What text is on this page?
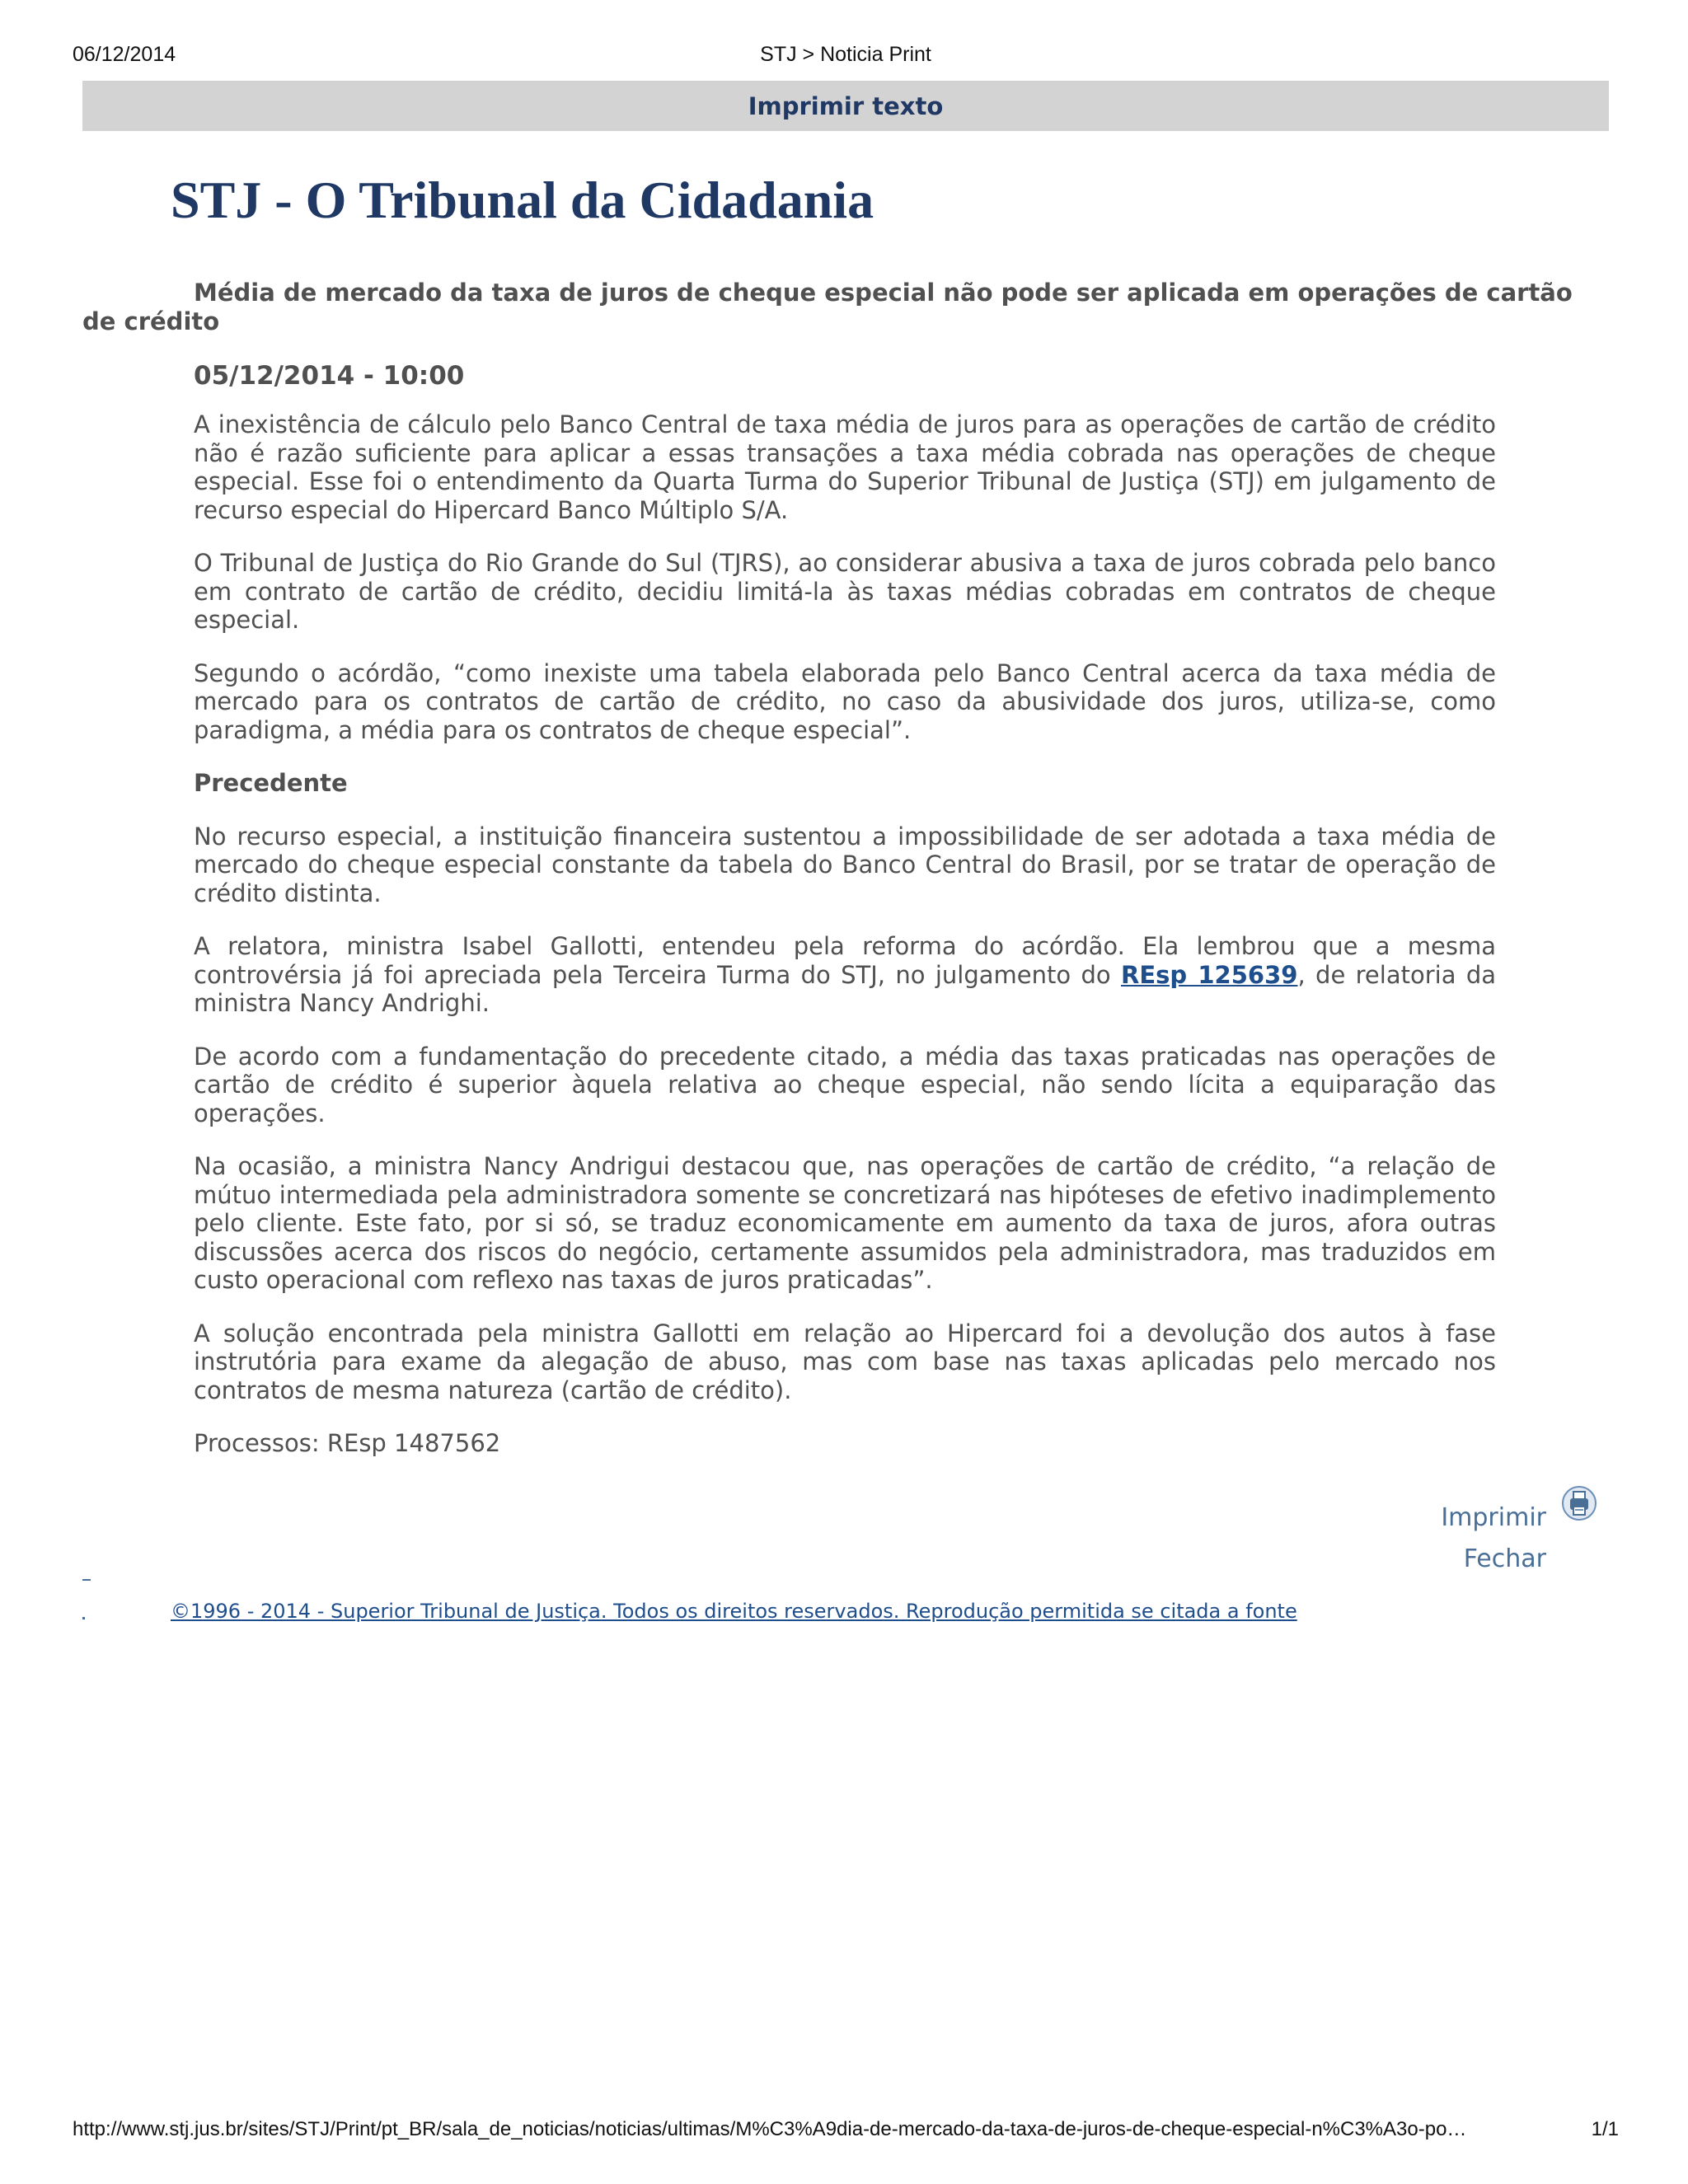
06/12/2014	STJ > Noticia Print
Imprimir texto
STJ - O Tribunal da Cidadania

Média de mercado da taxa de juros de cheque especial não pode ser aplicada em operações de cartão de crédito

05/12/2014 - 10:00

A inexistência de cálculo pelo Banco Central de taxa média de juros para as operações de cartão de crédito não é razão suficiente para aplicar a essas transações a taxa média cobrada nas operações de cheque especial. Esse foi o entendimento da Quarta Turma do Superior Tribunal de Justiça (STJ) em julgamento de recurso especial do Hipercard Banco Múltiplo S/A.

O Tribunal de Justiça do Rio Grande do Sul (TJRS), ao considerar abusiva a taxa de juros cobrada pelo banco em contrato de cartão de crédito, decidiu limitá-la às taxas médias cobradas em contratos de cheque especial.

Segundo o acórdão, “como inexiste uma tabela elaborada pelo Banco Central acerca da taxa média de mercado para os contratos de cartão de crédito, no caso da abusividade dos juros, utiliza-se, como paradigma, a média para os contratos de cheque especial”.

Precedente

No recurso especial, a instituição financeira sustentou a impossibilidade de ser adotada a taxa média de mercado do cheque especial constante da tabela do Banco Central do Brasil, por se tratar de operação de crédito distinta.

A relatora, ministra Isabel Gallotti, entendeu pela reforma do acórdão. Ela lembrou que a mesma controvérsia já foi apreciada pela Terceira Turma do STJ, no julgamento do REsp 125639, de relatoria da ministra Nancy Andrighi.

De acordo com a fundamentação do precedente citado, a média das taxas praticadas nas operações de cartão de crédito é superior àquela relativa ao cheque especial, não sendo lícita a equiparação das operações.

Na ocasião, a ministra Nancy Andrigui destacou que, nas operações de cartão de crédito, “a relação de mútuo intermediada pela administradora somente se concretizará nas hipóteses de efetivo inadimplemento pelo cliente. Este fato, por si só, se traduz economicamente em aumento da taxa de juros, afora outras discussões acerca dos riscos do negócio, certamente assumidos pela administradora, mas traduzidos em custo operacional com reflexo nas taxas de juros praticadas”.

A solução encontrada pela ministra Gallotti em relação ao Hipercard foi a devolução dos autos à fase instrutória para exame da alegação de abuso, mas com base nas taxas aplicadas pelo mercado nos contratos de mesma natureza (cartão de crédito).

Processos: REsp 1487562

Imprimir
Fechar
©1996 - 2014 - Superior Tribunal de Justiça. Todos os direitos reservados. Reprodução permitida se citada a fonte
http://www.stj.jus.br/sites/STJ/Print/pt_BR/sala_de_noticias/noticias/ultimas/M%C3%A9dia-de-mercado-da-taxa-de-juros-de-cheque-especial-n%C3%A3o-po…	1/1
